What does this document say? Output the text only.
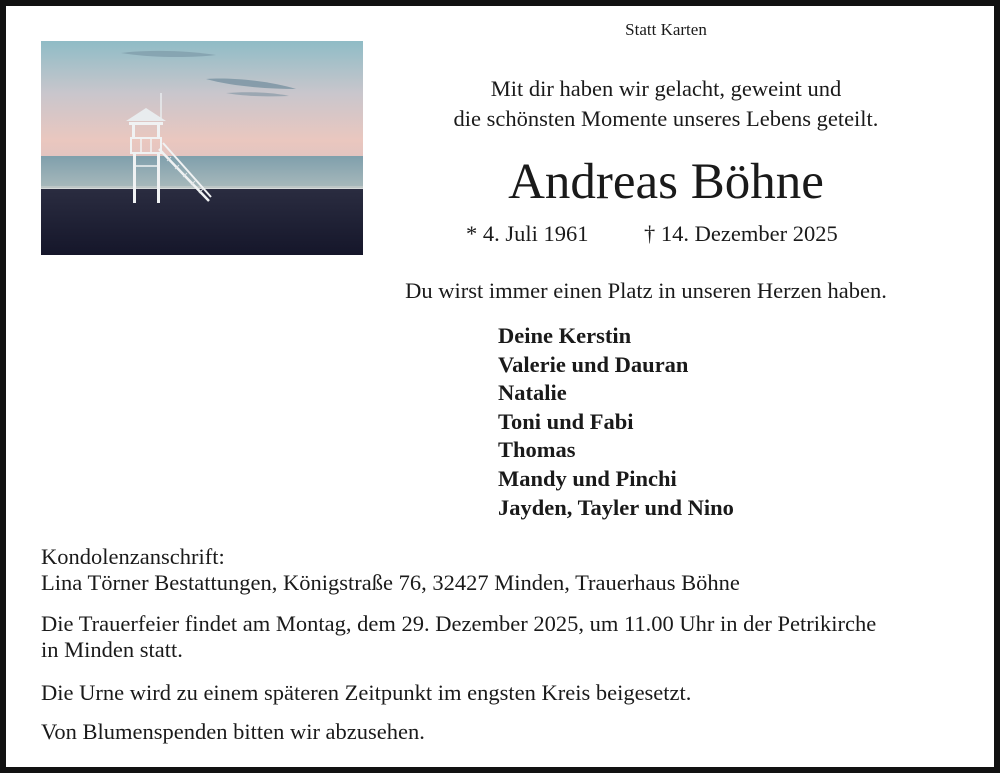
Statt Karten
Mit dir haben wir gelacht, geweint und
die schönsten Momente unseres Lebens geteilt.
Andreas Böhne
* 4. Juli 1961 † 14. Dezember 2025
Du wirst immer einen Platz in unseren Herzen haben.
Deine Kerstin
Valerie und Dauran
Natalie
Toni und Fabi
Thomas
Mandy und Pinchi
Jayden, Tayler und Nino
Kondolenzanschrift:
Lina Törner Bestattungen, Königstraße 76, 32427 Minden, Trauerhaus Böhne
Die Trauerfeier findet am Montag, dem 29. Dezember 2025, um 11.00 Uhr in der Petrikirche
in Minden statt.
Die Urne wird zu einem späteren Zeitpunkt im engsten Kreis beigesetzt.
Von Blumenspenden bitten wir abzusehen.
